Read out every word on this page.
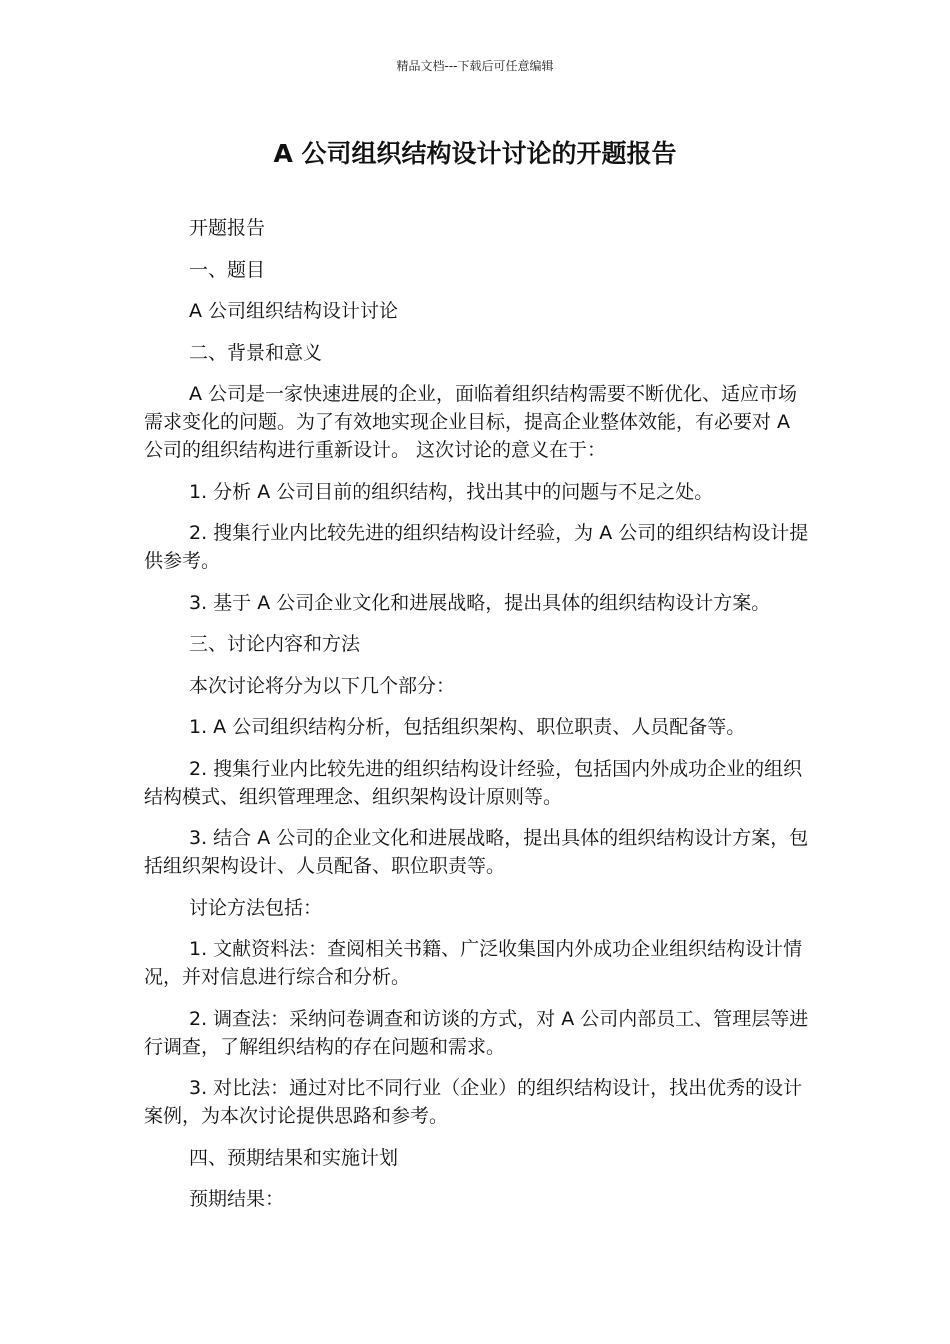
精品文档---下载后可任意编辑
A 公司组织结构设计讨论的开题报告

开题报告

一、题目

A 公司组织结构设计讨论

二、背景和意义

A 公司是一家快速进展的企业，面临着组织结构需要不断优化、适应市场需求变化的问题。为了有效地实现企业目标，提高企业整体效能，有必要对 A 公司的组织结构进行重新设计。 这次讨论的意义在于：

1. 分析 A 公司目前的组织结构，找出其中的问题与不足之处。

2. 搜集行业内比较先进的组织结构设计经验，为 A 公司的组织结构设计提供参考。

3. 基于 A 公司企业文化和进展战略，提出具体的组织结构设计方案。

三、讨论内容和方法

本次讨论将分为以下几个部分：

1. A 公司组织结构分析，包括组织架构、职位职责、人员配备等。

2. 搜集行业内比较先进的组织结构设计经验，包括国内外成功企业的组织结构模式、组织管理理念、组织架构设计原则等。

3. 结合 A 公司的企业文化和进展战略，提出具体的组织结构设计方案，包括组织架构设计、人员配备、职位职责等。

讨论方法包括：

1. 文献资料法：查阅相关书籍、广泛收集国内外成功企业组织结构设计情况，并对信息进行综合和分析。

2. 调查法：采纳问卷调查和访谈的方式，对 A 公司内部员工、管理层等进行调查，了解组织结构的存在问题和需求。

3. 对比法：通过对比不同行业（企业）的组织结构设计，找出优秀的设计案例，为本次讨论提供思路和参考。

四、预期结果和实施计划

预期结果：
